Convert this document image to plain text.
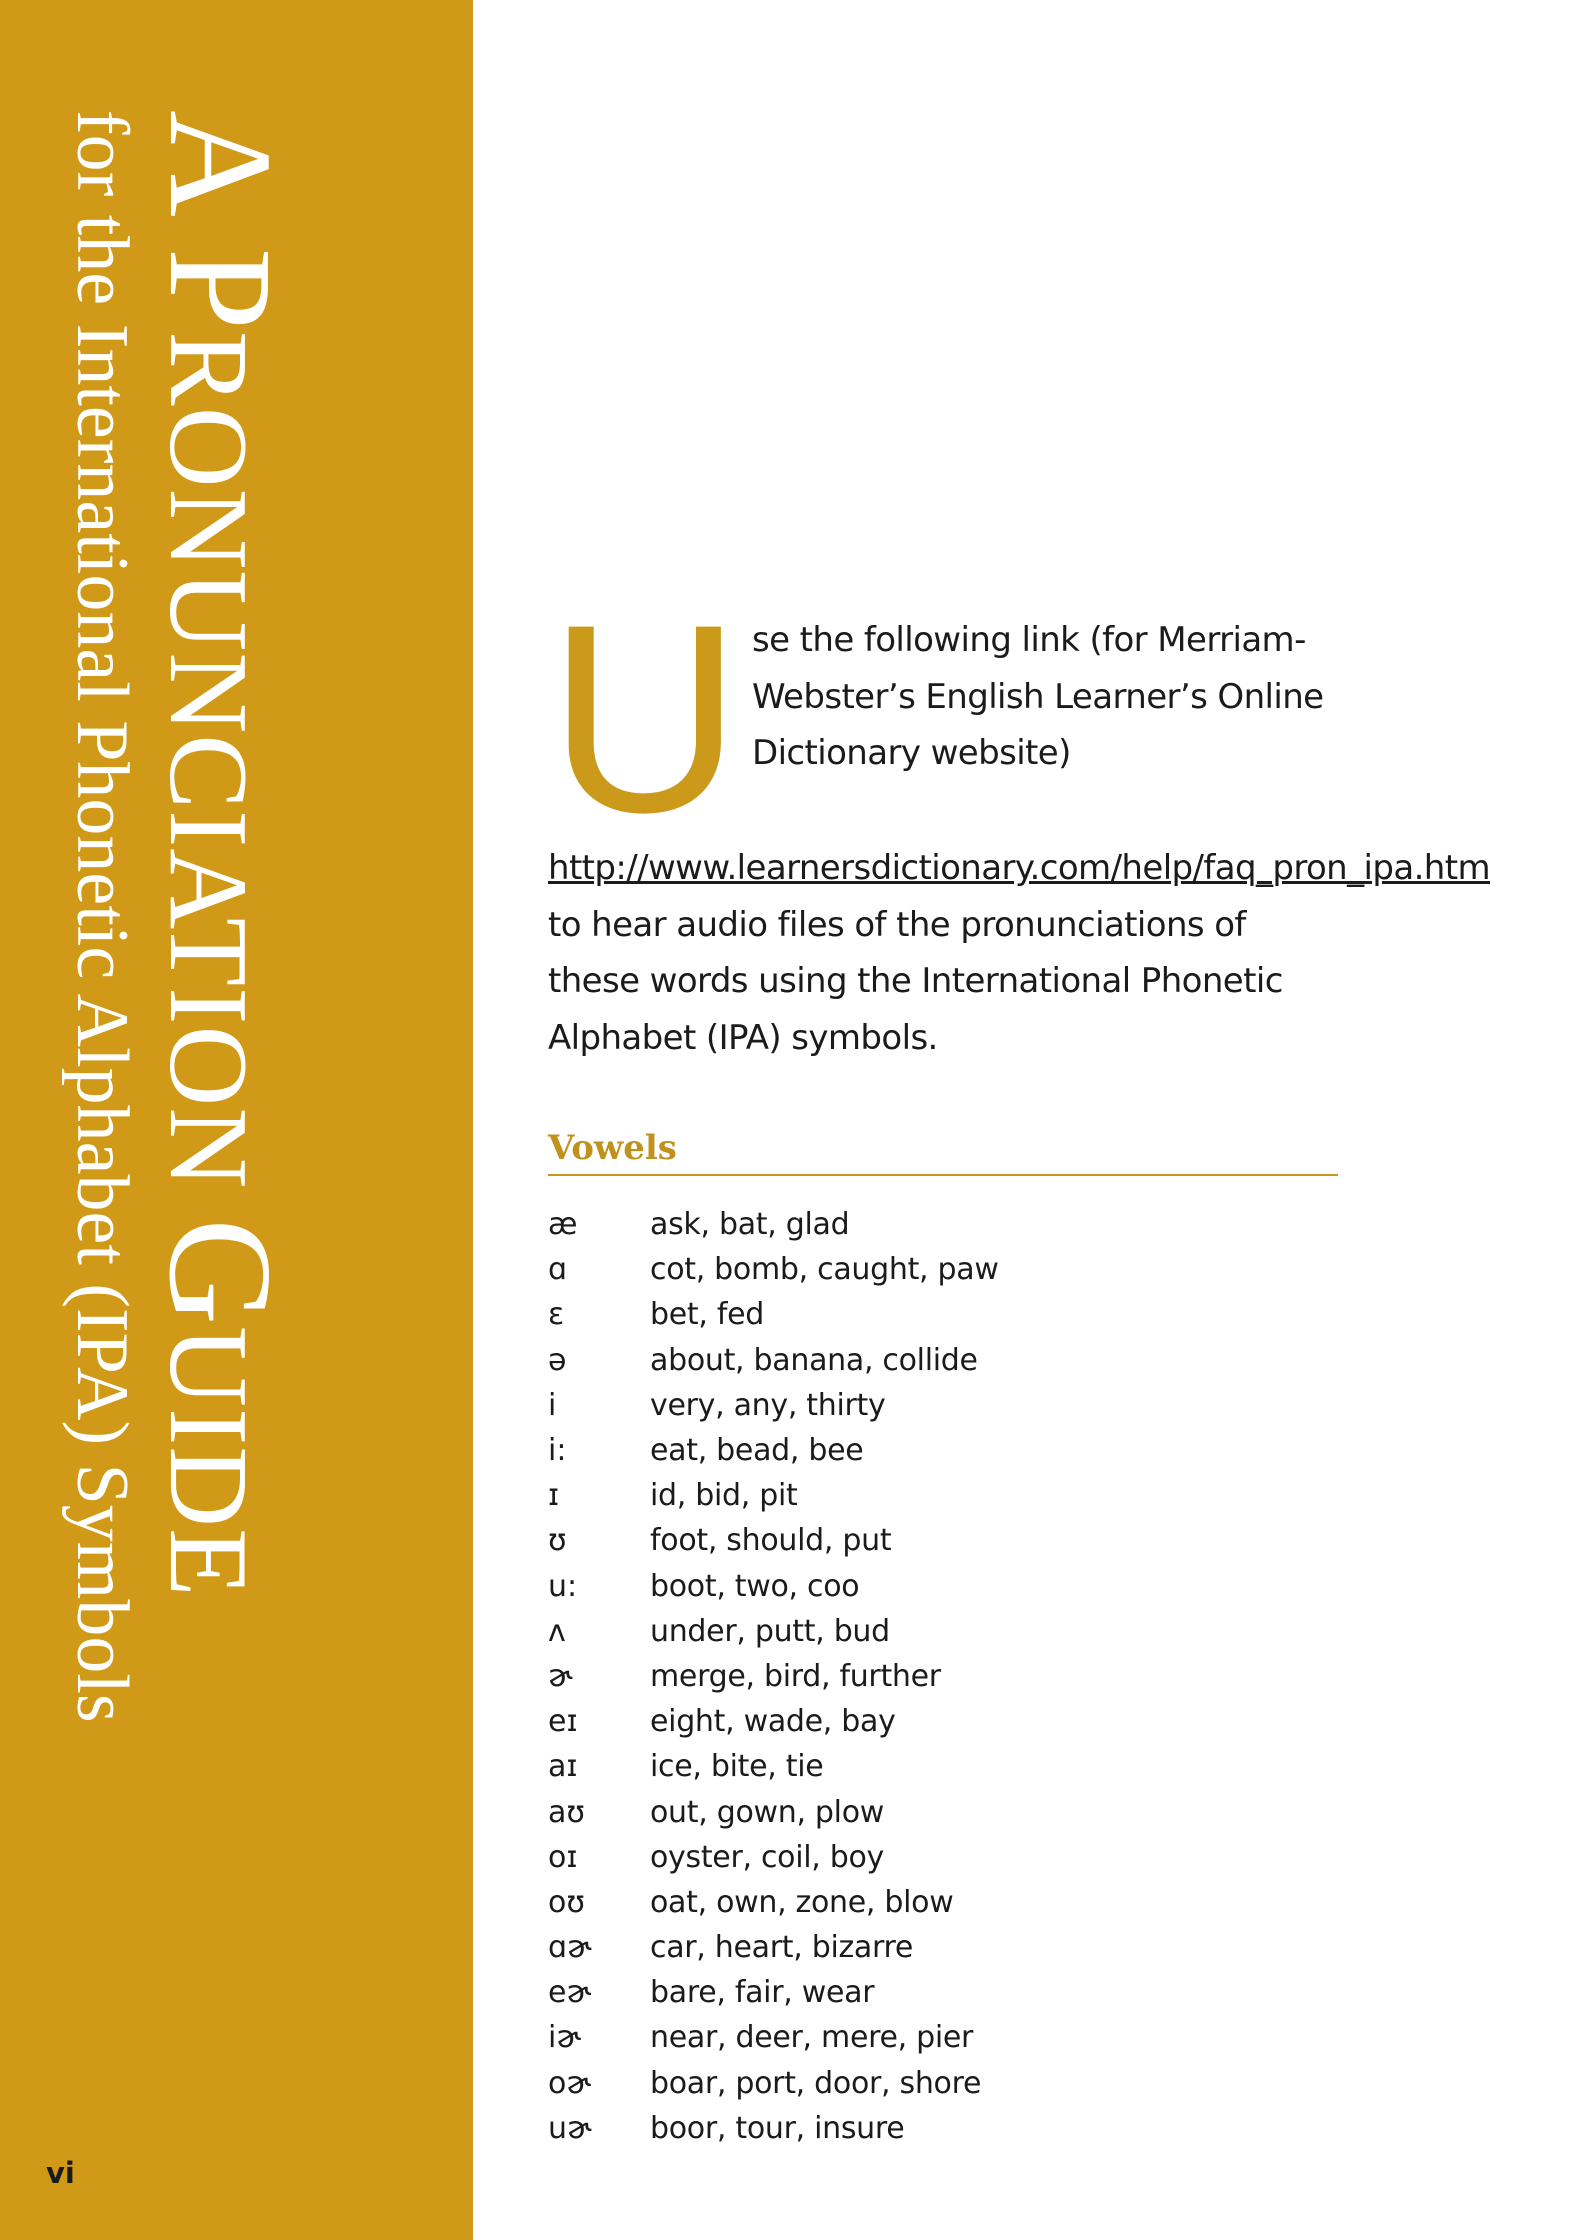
A PRONUNCIATION GUIDE
for the International Phonetic Alphabet (IPA) Symbols
vi
U se the following link (for Merriam-Webster’s English Learner’s Online Dictionary website) http://www.learnersdictionary.com/help/faq_pron_ipa.htm to hear audio files of the pronunciations of these words using the International Phonetic Alphabet (IPA) symbols.

Vowels
æ	ask, bat, glad
ɑ	cot, bomb, caught, paw
ɛ	bet, fed
ə	about, banana, collide
i	very, any, thirty
i:	eat, bead, bee
ɪ	id, bid, pit
ʊ	foot, should, put
u:	boot, two, coo
ʌ	under, putt, bud
ɚ	merge, bird, further
eɪ	eight, wade, bay
aɪ	ice, bite, tie
aʊ	out, gown, plow
oɪ	oyster, coil, boy
oʊ	oat, own, zone, blow
ɑɚ	car, heart, bizarre
eɚ	bare, fair, wear
iɚ	near, deer, mere, pier
oɚ	boar, port, door, shore
uɚ	boor, tour, insure
